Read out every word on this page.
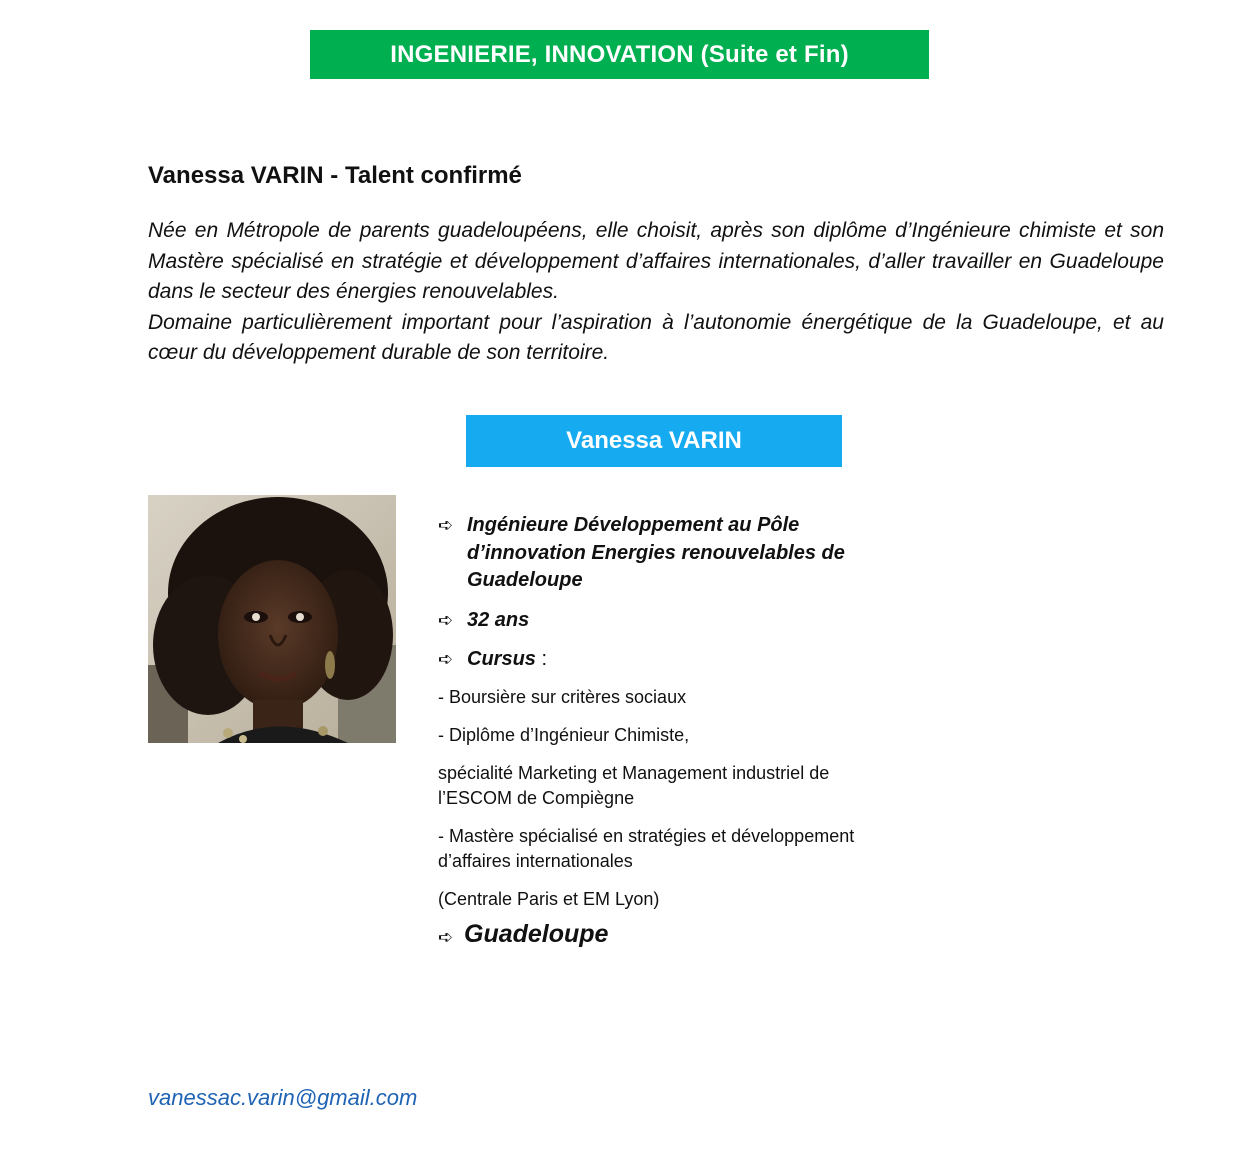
INGENIERIE, INNOVATION (Suite et Fin)
Vanessa VARIN - Talent confirmé

Née en Métropole de parents guadeloupéens, elle choisit, après son diplôme d’Ingénieure chimiste et son Mastère spécialisé en stratégie et développement d’affaires internationales, d’aller travailler en Guadeloupe dans le secteur des énergies renouvelables.

Domaine particulièrement important pour l’aspiration à l’autonomie énergétique de la Guadeloupe, et au cœur du développement durable de son territoire.

Vanessa VARIN
➪ Ingénieure Développement au Pôle d’innovation Energies renouvelables de Guadeloupe
➪ 32 ans
➪ Cursus :

- Boursière sur critères sociaux

- Diplôme d’Ingénieur Chimiste,

spécialité Marketing et Management industriel de l’ESCOM de Compiègne

- Mastère spécialisé en stratégies et développement d’affaires internationales

(Centrale Paris et EM Lyon)

➪ Guadeloupe
vanessac.varin@gmail.com
